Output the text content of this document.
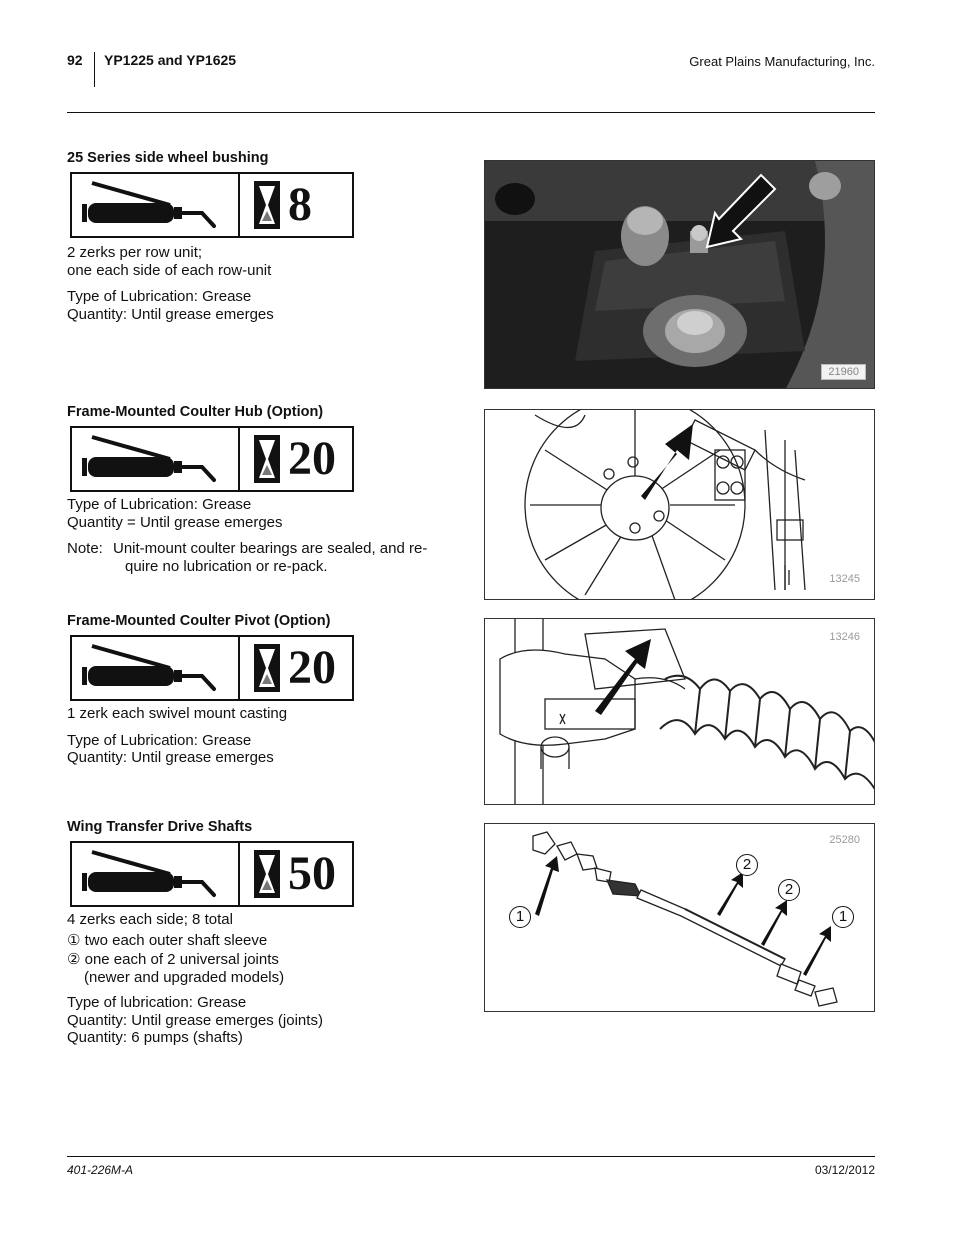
92 YP1225 and YP1625	Great Plains Manufacturing, Inc.
25 Series side wheel bushing
8
2 zerks per row unit;
one each side of each row-unit
Type of Lubrication: Grease
Quantity: Until grease emerges
21960
Frame-Mounted Coulter Hub (Option)
20
Type of Lubrication: Grease
Quantity = Until grease emerges
Note: Unit-mount coulter bearings are sealed, and re-
quire no lubrication or re-pack.
13245
Frame-Mounted Coulter Pivot (Option)
20
1 zerk each swivel mount casting
Type of Lubrication: Grease
Quantity: Until grease emerges
13246
Wing Transfer Drive Shafts
50
4 zerks each side; 8 total
① two each outer shaft sleeve
② one each of 2 universal joints
(newer and upgraded models)
Type of lubrication: Grease
Quantity: Until grease emerges (joints)
Quantity: 6 pumps (shafts)
25280
1
2
2
1
401-226M-A	03/12/2012
